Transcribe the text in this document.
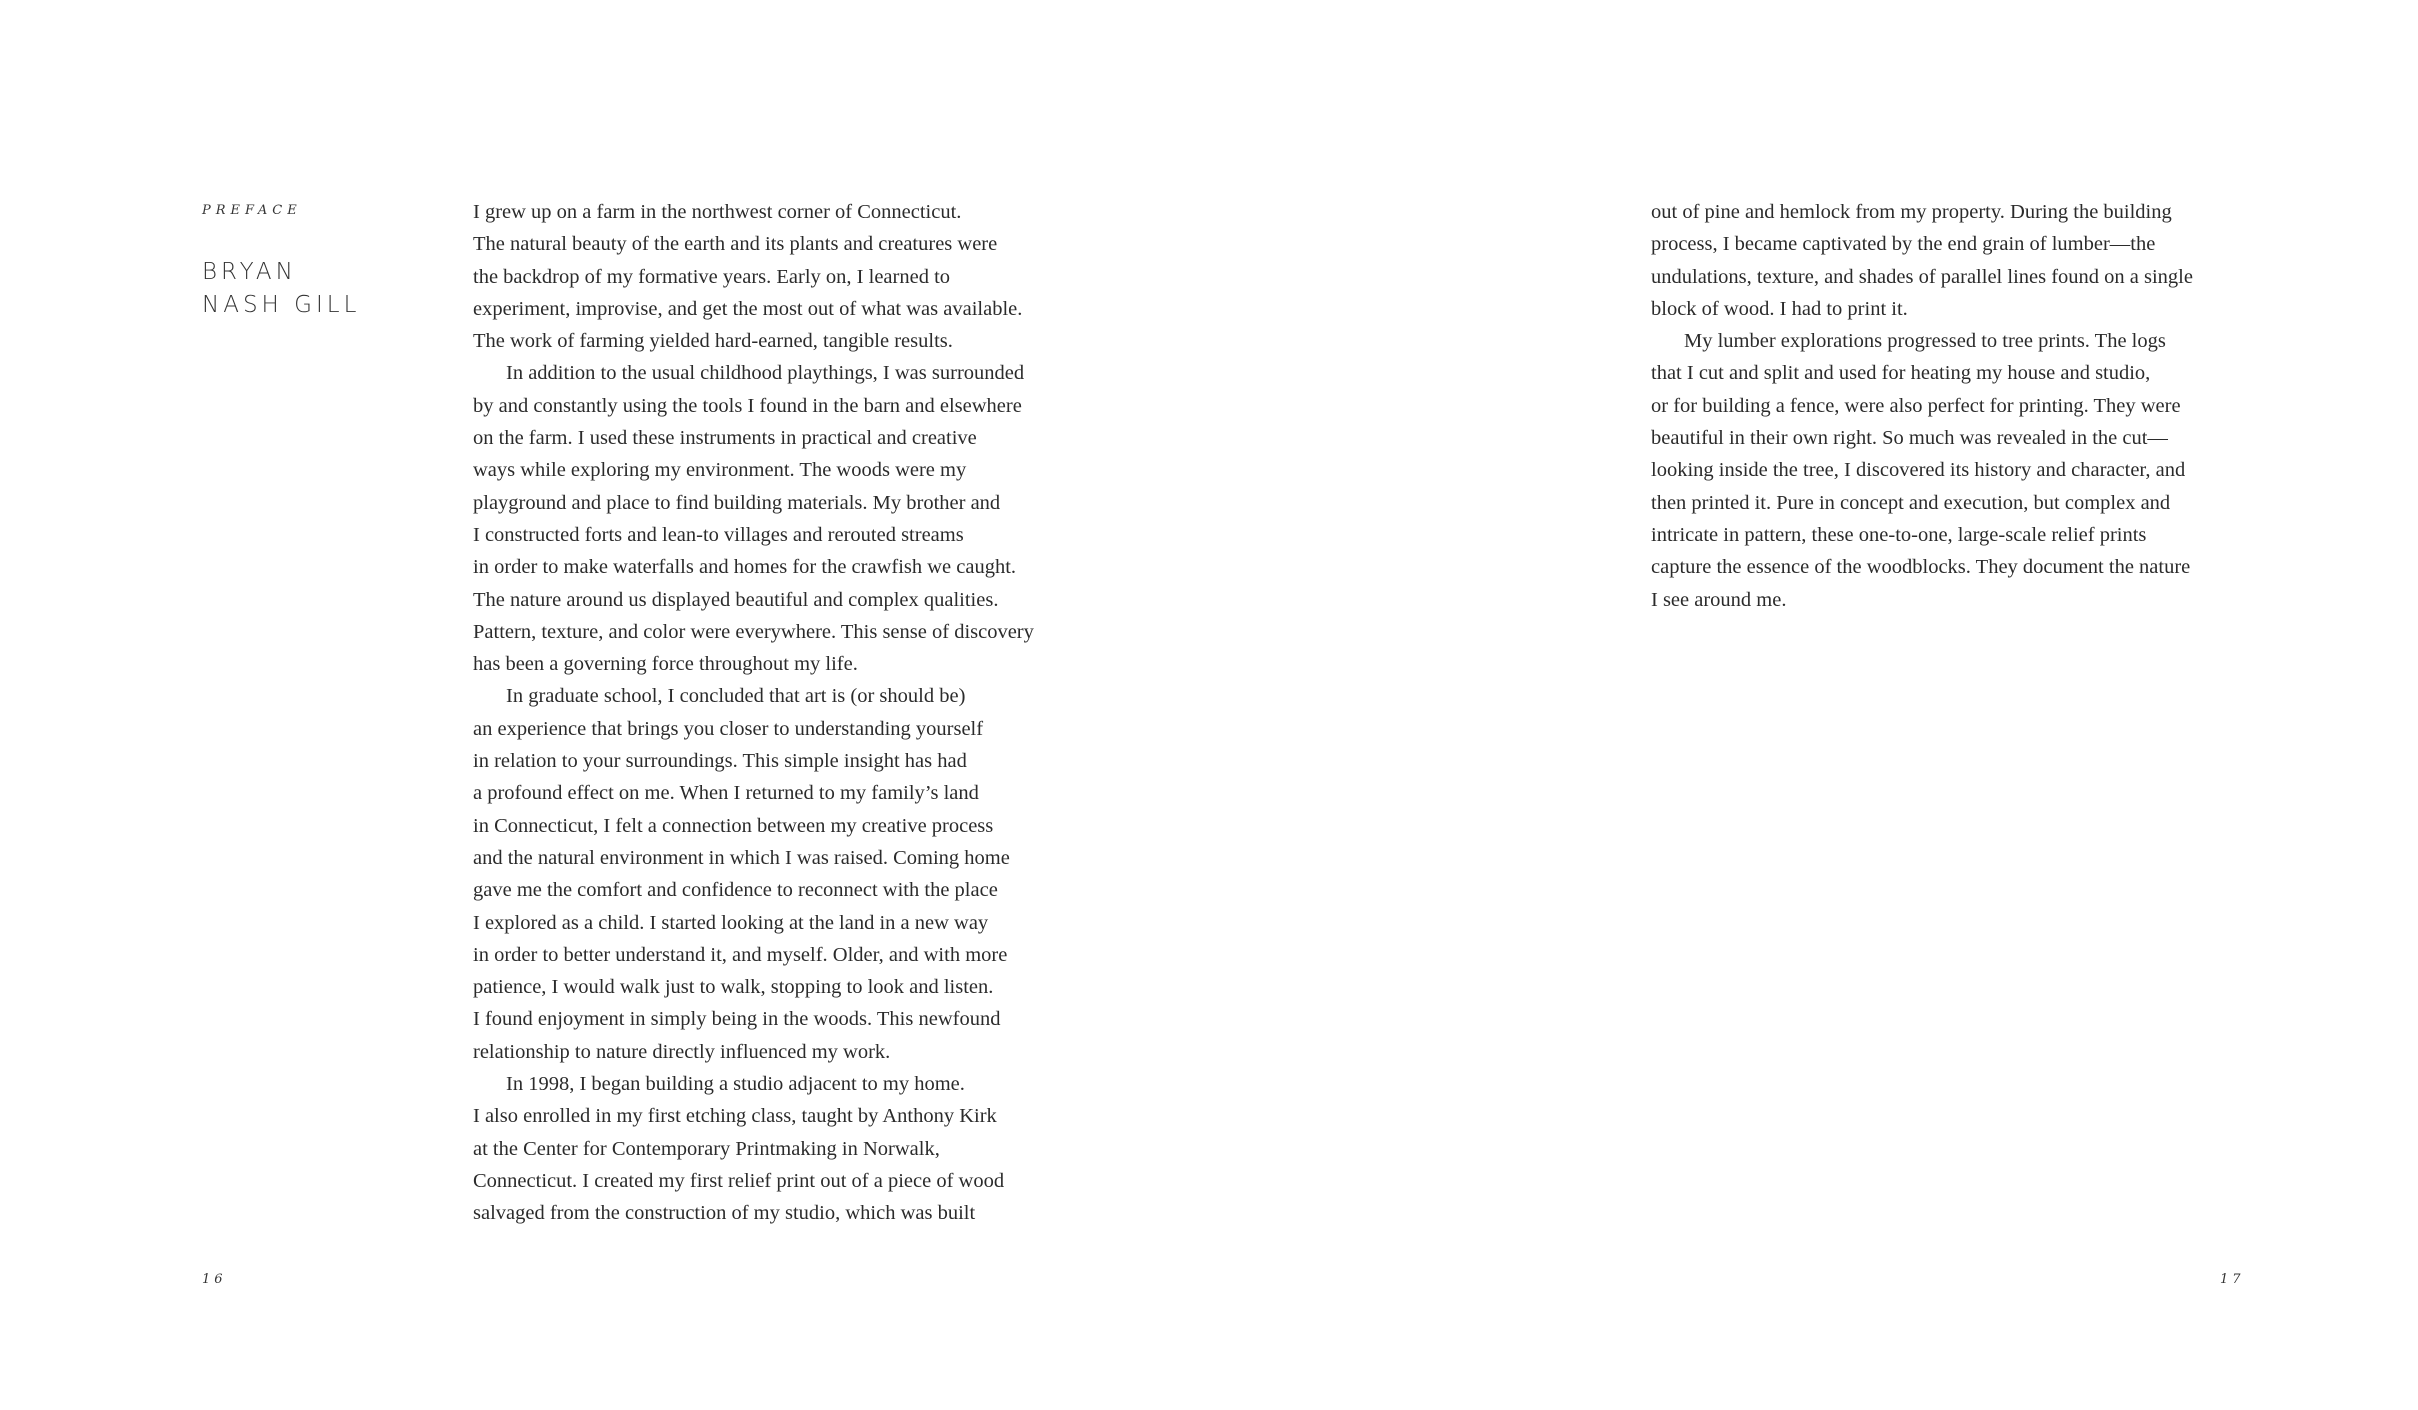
PREFACE
BRYAN
NASH GILL
I grew up on a farm in the northwest corner of Connecticut.
The natural beauty of the earth and its plants and creatures were
the backdrop of my formative years. Early on, I learned to
experiment, improvise, and get the most out of what was available.
The work of farming yielded hard-earned, tangible results.
In addition to the usual childhood playthings, I was surrounded
by and constantly using the tools I found in the barn and elsewhere
on the farm. I used these instruments in practical and creative
ways while exploring my environment. The woods were my
playground and place to find building materials. My brother and
I constructed forts and lean-to villages and rerouted streams
in order to make waterfalls and homes for the crawfish we caught.
The nature around us displayed beautiful and complex qualities.
Pattern, texture, and color were everywhere. This sense of discovery
has been a governing force throughout my life.
In graduate school, I concluded that art is (or should be)
an experience that brings you closer to understanding yourself
in relation to your surroundings. This simple insight has had
a profound effect on me. When I returned to my family’s land
in Connecticut, I felt a connection between my creative process
and the natural environment in which I was raised. Coming home
gave me the comfort and confidence to reconnect with the place
I explored as a child. I started looking at the land in a new way
in order to better understand it, and myself. Older, and with more
patience, I would walk just to walk, stopping to look and listen.
I found enjoyment in simply being in the woods. This newfound
relationship to nature directly influenced my work.
In 1998, I began building a studio adjacent to my home.
I also enrolled in my first etching class, taught by Anthony Kirk
at the Center for Contemporary Printmaking in Norwalk,
Connecticut. I created my first relief print out of a piece of wood
salvaged from the construction of my studio, which was built
out of pine and hemlock from my property. During the building
process, I became captivated by the end grain of lumber—the
undulations, texture, and shades of parallel lines found on a single
block of wood. I had to print it.
My lumber explorations progressed to tree prints. The logs
that I cut and split and used for heating my house and studio,
or for building a fence, were also perfect for printing. They were
beautiful in their own right. So much was revealed in the cut—
looking inside the tree, I discovered its history and character, and
then printed it. Pure in concept and execution, but complex and
intricate in pattern, these one-to-one, large-scale relief prints
capture the essence of the woodblocks. They document the nature
I see around me.
16	17
